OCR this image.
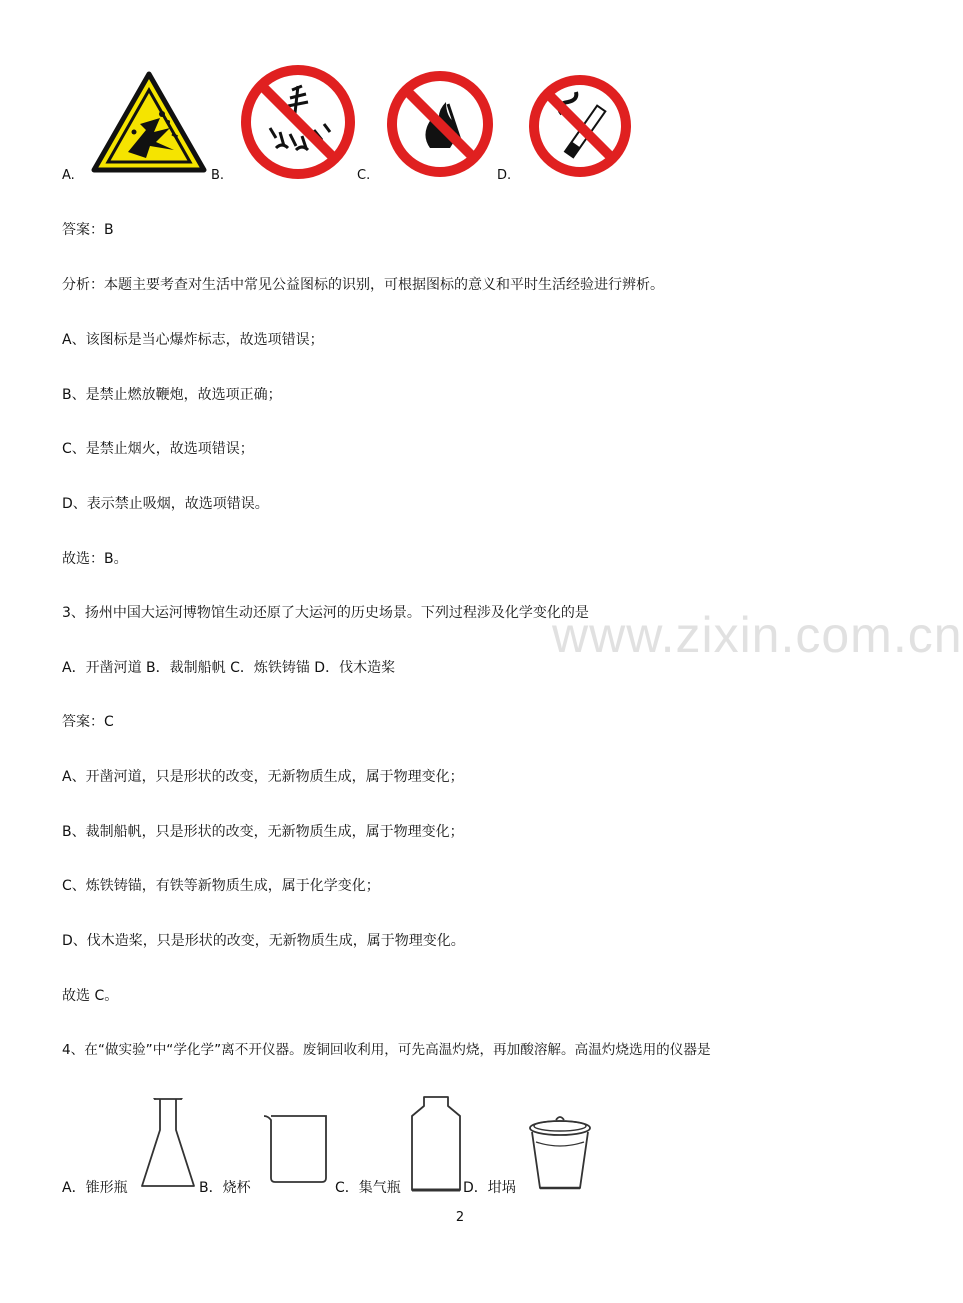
A.	B.	C.	D.
答案：B
分析：本题主要考查对生活中常见公益图标的识别，可根据图标的意义和平时生活经验进行辨析。
A、该图标是当心爆炸标志，故选项错误；
B、是禁止燃放鞭炮，故选项正确；
C、是禁止烟火，故选项错误；
D、表示禁止吸烟，故选项错误。
故选：B。
www.zixin.com.cn
3、扬州中国大运河博物馆生动还原了大运河的历史场景。下列过程涉及化学变化的是
A．开凿河道 B．裁制船帆 C．炼铁铸锚 D．伐木造桨
答案：C
A、开凿河道，只是形状的改变，无新物质生成，属于物理变化；
B、裁制船帆，只是形状的改变，无新物质生成，属于物理变化；
C、炼铁铸锚，有铁等新物质生成，属于化学变化；
D、伐木造桨，只是形状的改变，无新物质生成，属于物理变化。
故选 C。
4、在“做实验”中“学化学”离不开仪器。废铜回收利用，可先高温灼烧，再加酸溶解。高温灼烧选用的仪器是
A．锥形瓶	B．烧杯	C．集气瓶	D．坩埚
2
